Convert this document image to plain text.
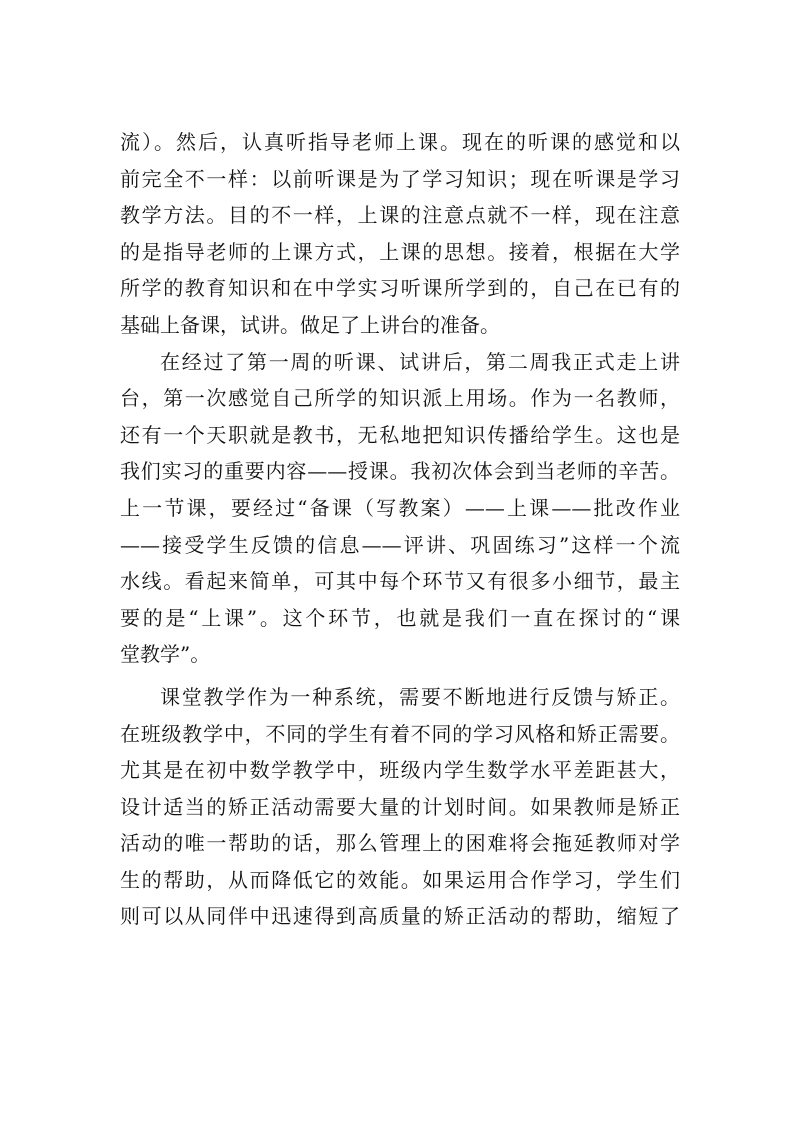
流）。然后，认真听指导老师上课。现在的听课的感觉和以
前完全不一样：以前听课是为了学习知识；现在听课是学习
教学方法。目的不一样，上课的注意点就不一样，现在注意
的是指导老师的上课方式，上课的思想。接着，根据在大学
所学的教育知识和在中学实习听课所学到的，自己在已有的
基础上备课，试讲。做足了上讲台的准备。
在经过了第一周的听课、试讲后，第二周我正式走上讲
台，第一次感觉自己所学的知识派上用场。作为一名教师，
还有一个天职就是教书，无私地把知识传播给学生。这也是
我们实习的重要内容——授课。我初次体会到当老师的辛苦。
上一节课，要经过“备课（写教案）——上课——批改作业
——接受学生反馈的信息——评讲、巩固练习”这样一个流
水线。看起来简单，可其中每个环节又有很多小细节，最主
要的是“上课”。这个环节，也就是我们一直在探讨的“课
堂教学”。
课堂教学作为一种系统，需要不断地进行反馈与矫正。
在班级教学中，不同的学生有着不同的学习风格和矫正需要。
尤其是在初中数学教学中，班级内学生数学水平差距甚大，
设计适当的矫正活动需要大量的计划时间。如果教师是矫正
活动的唯一帮助的话，那么管理上的困难将会拖延教师对学
生的帮助，从而降低它的效能。如果运用合作学习，学生们
则可以从同伴中迅速得到高质量的矫正活动的帮助，缩短了
